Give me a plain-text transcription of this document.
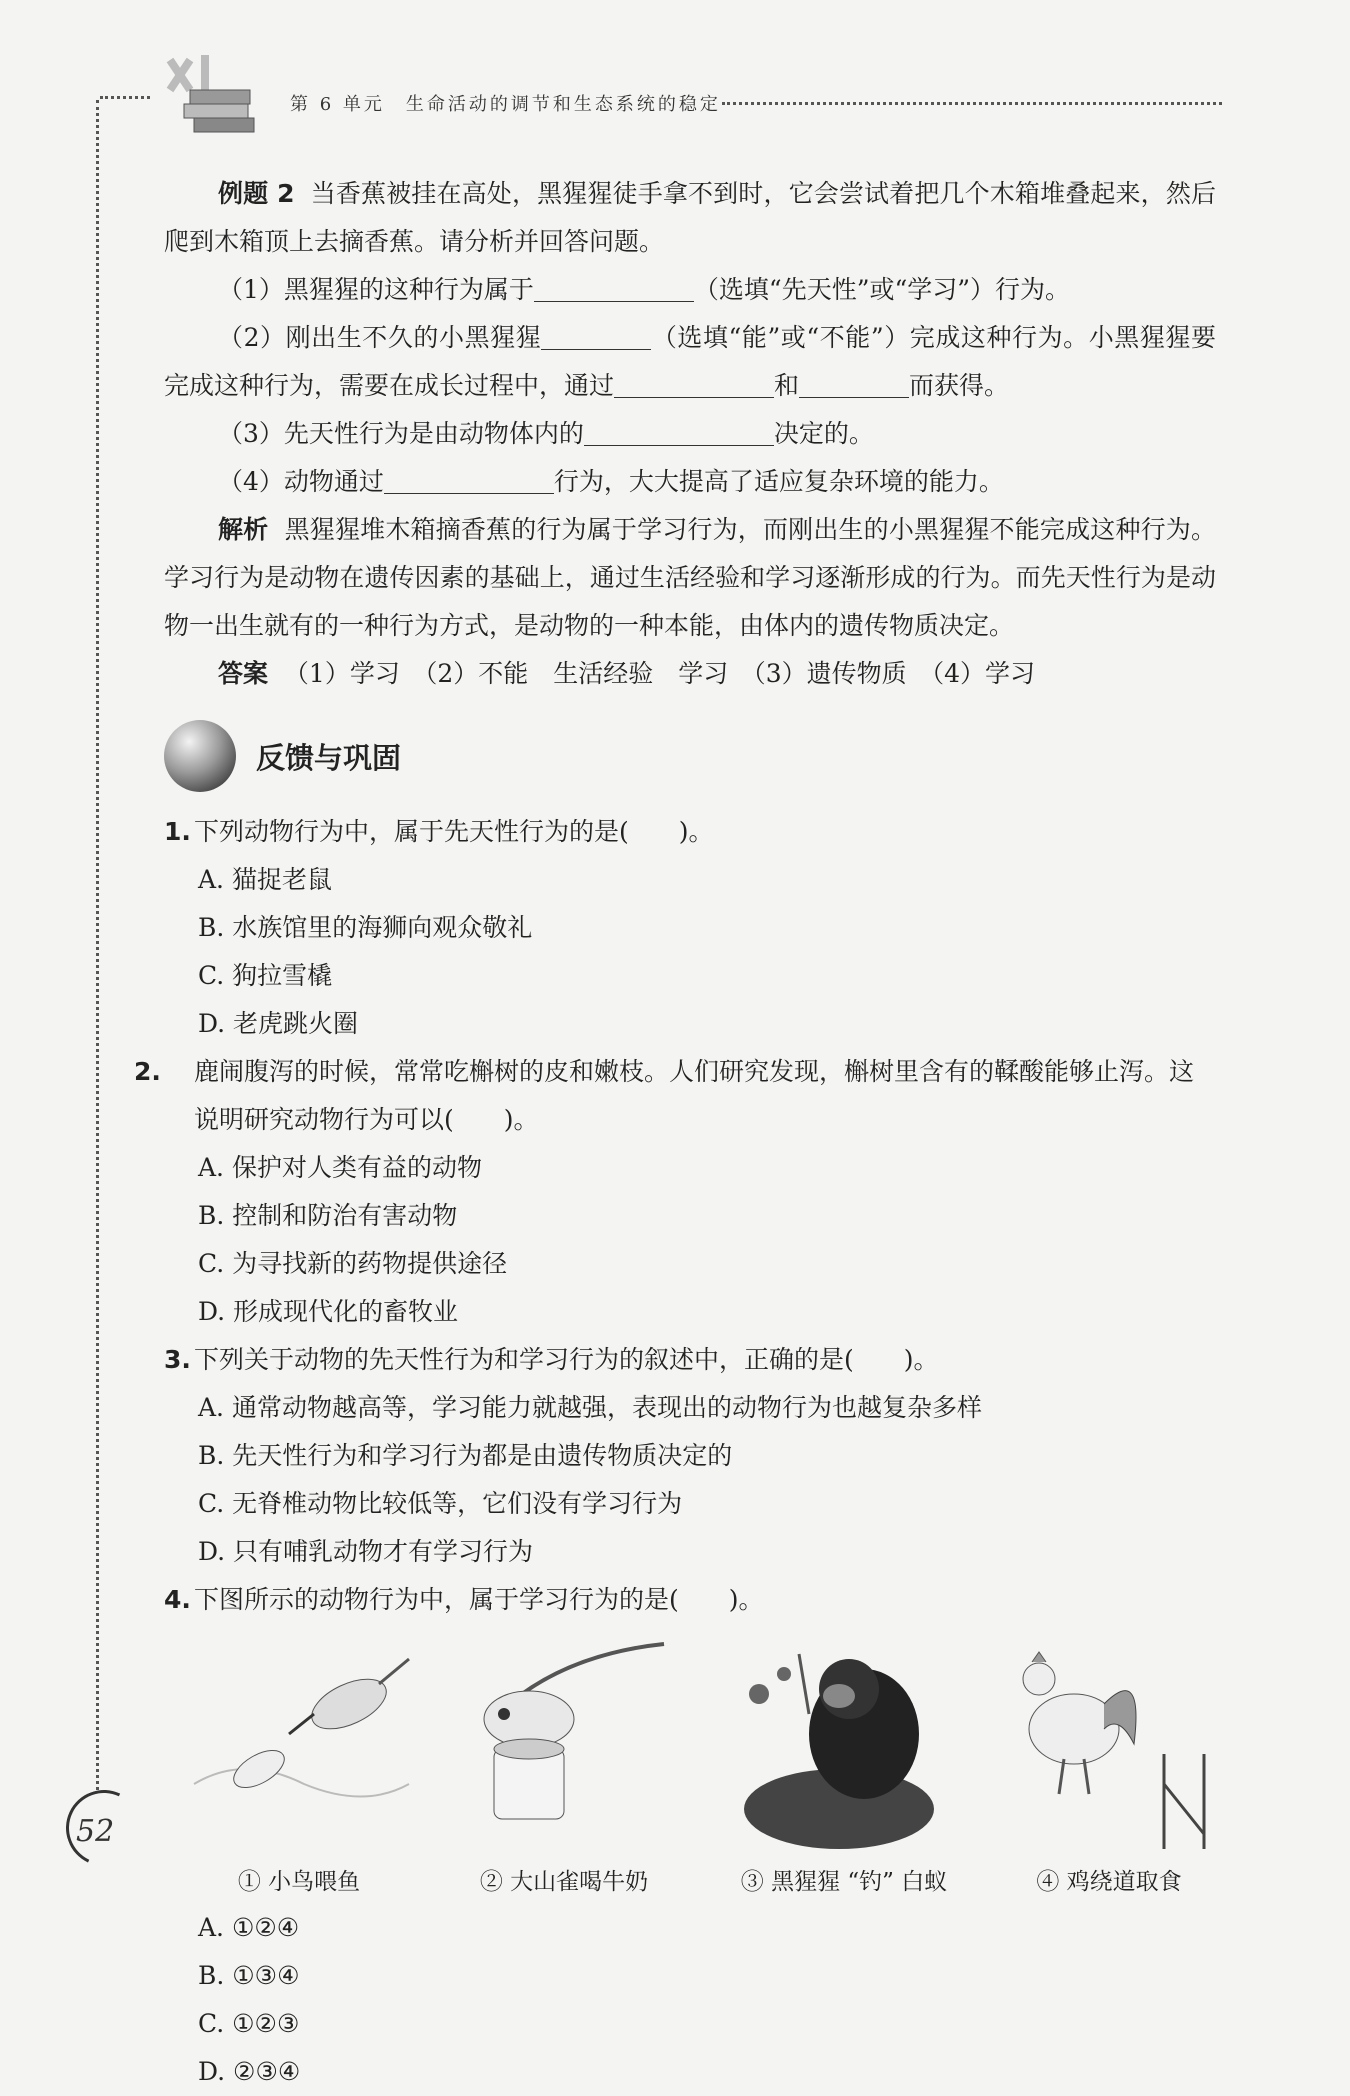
第 6 单元　生命活动的调节和生态系统的稳定

例题 2 当香蕉被挂在高处，黑猩猩徒手拿不到时，它会尝试着把几个木箱堆叠起来，然后爬到木箱顶上去摘香蕉。请分析并回答问题。

（1）黑猩猩的这种行为属于	（选填“先天性”或“学习”）行为。

（2）刚出生不久的小黑猩猩	（选填“能”或“不能”）完成这种行为。小黑猩猩要完成这种行为，需要在成长过程中，通过	和	而获得。

（3）先天性行为是由动物体内的	决定的。

（4）动物通过	行为，大大提高了适应复杂环境的能力。

解析 黑猩猩堆木箱摘香蕉的行为属于学习行为，而刚出生的小黑猩猩不能完成这种行为。学习行为是动物在遗传因素的基础上，通过生活经验和学习逐渐形成的行为。而先天性行为是动物一出生就有的一种行为方式，是动物的一种本能，由体内的遗传物质决定。

答案 （1）学习　（2）不能　生活经验　学习　（3）遗传物质　（4）学习

反馈与巩固

1. 下列动物行为中，属于先天性行为的是(　　)。

A. 猫捉老鼠
B. 水族馆里的海狮向观众敬礼
C. 狗拉雪橇
D. 老虎跳火圈

2. 鹿闹腹泻的时候，常常吃槲树的皮和嫩枝。人们研究发现，槲树里含有的鞣酸能够止泻。这说明研究动物行为可以(　　)。

A. 保护对人类有益的动物
B. 控制和防治有害动物
C. 为寻找新的药物提供途径
D. 形成现代化的畜牧业

3. 下列关于动物的先天性行为和学习行为的叙述中，正确的是(　　)。

A. 通常动物越高等，学习能力就越强，表现出的动物行为也越复杂多样
B. 先天性行为和学习行为都是由遗传物质决定的
C. 无脊椎动物比较低等，它们没有学习行为
D. 只有哺乳动物才有学习行为

4. 下图所示的动物行为中，属于学习行为的是(　　)。

① 小鸟喂鱼	② 大山雀喝牛奶	③ 黑猩猩 “钓” 白蚁	④ 鸡绕道取食
A. ①②④
B. ①③④
C. ①②③
D. ②③④
52
